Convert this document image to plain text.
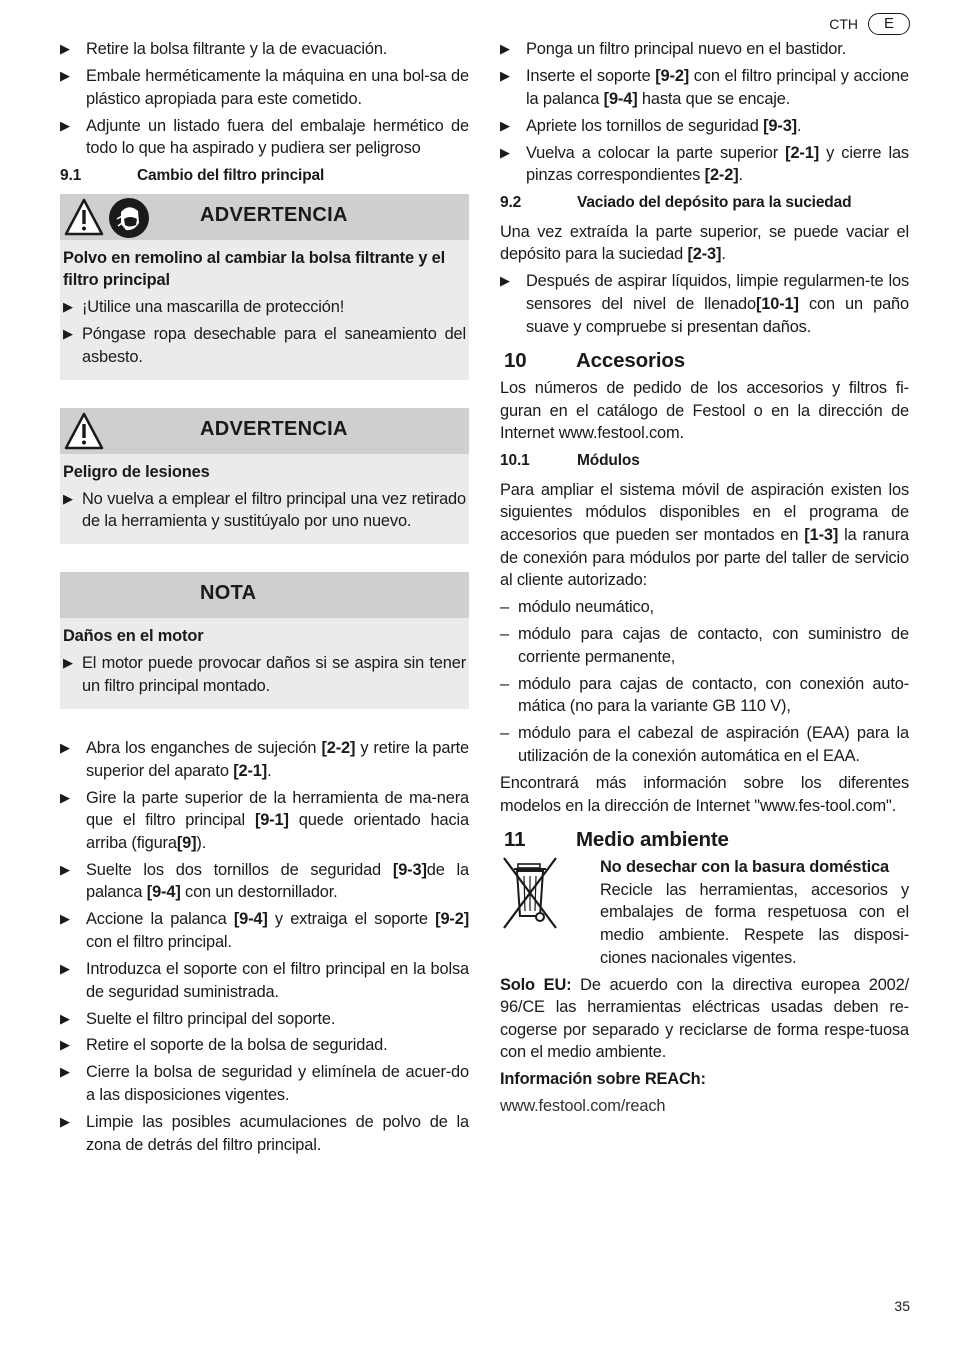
CTH	E
▶ Retire la bolsa filtrante y la de evacuación.
▶ Embale herméticamente la máquina en una bol-sa de plástico apropiada para este cometido.
▶ Adjunte un listado fuera del embalaje hermético de todo lo que ha aspirado y pudiera ser peligroso
9.1	Cambio del filtro principal
ADVERTENCIA
Polvo en remolino al cambiar la bolsa filtrante y el filtro principal
▶ ¡Utilice una mascarilla de protección!
▶ Póngase ropa desechable para el saneamiento del asbesto.
ADVERTENCIA
Peligro de lesiones
▶ No vuelva a emplear el filtro principal una vez retirado de la herramienta y sustitúyalo por uno nuevo.
NOTA
Daños en el motor
▶ El motor puede provocar daños si se aspira sin tener un filtro principal montado.
▶ Abra los enganches de sujeción [2-2] y retire la parte superior del aparato [2-1].
▶ Gire la parte superior de la herramienta de ma-nera que el filtro principal [9-1] quede orientado hacia arriba (figura[9]).
▶ Suelte los dos tornillos de seguridad [9-3]de la palanca [9-4] con un destornillador.
▶ Accione la palanca [9-4] y extraiga el soporte [9-2] con el filtro principal.
▶ Introduzca el soporte con el filtro principal en la bolsa de seguridad suministrada.
▶ Suelte el filtro principal del soporte.
▶ Retire el soporte de la bolsa de seguridad.
▶ Cierre la bolsa de seguridad y elimínela de acuer-do a las disposiciones vigentes.
▶ Limpie las posibles acumulaciones de polvo de la zona de detrás del filtro principal.
▶ Ponga un filtro principal nuevo en el bastidor.
▶ Inserte el soporte [9-2] con el filtro principal y accione la palanca [9-4] hasta que se encaje.
▶ Apriete los tornillos de seguridad [9-3].
▶ Vuelva a colocar la parte superior [2-1] y cierre las pinzas correspondientes [2-2].
9.2	Vaciado del depósito para la suciedad

Una vez extraída la parte superior, se puede vaciar el depósito para la suciedad [2-3].

▶ Después de aspirar líquidos, limpie regularmen-te los sensores del nivel de llenado[10-1] con un paño suave y compruebe si presentan daños.
10	Accesorios

Los números de pedido de los accesorios y filtros fi-guran en el catálogo de Festool o en la dirección de Internet www.festool.com.

10.1	Módulos

Para ampliar el sistema móvil de aspiración existen los siguientes módulos disponibles en el programa de accesorios que pueden ser montados en [1-3] la ranura de conexión para módulos por parte del taller de servicio al cliente autorizado:

– módulo neumático,
– módulo para cajas de contacto, con suministro de corriente permanente,
– módulo para cajas de contacto, con conexión auto-mática (no para la variante GB 110 V),
– módulo para el cabezal de aspiración (EAA) para la utilización de la conexión automática en el EAA.

Encontrará más información sobre los diferentes modelos en la dirección de Internet "www.fes-tool.com".

11	Medio ambiente
No desechar con la basura doméstica
Recicle las herramientas, accesorios y embalajes de forma respetuosa con el medio ambiente. Respete las disposi-ciones nacionales vigentes.

Solo EU: De acuerdo con la directiva europea 2002/ 96/CE las herramientas eléctricas usadas deben re-cogerse por separado y reciclarse de forma respe-tuosa con el medio ambiente.

Información sobre REACh:

www.festool.com/reach

35
